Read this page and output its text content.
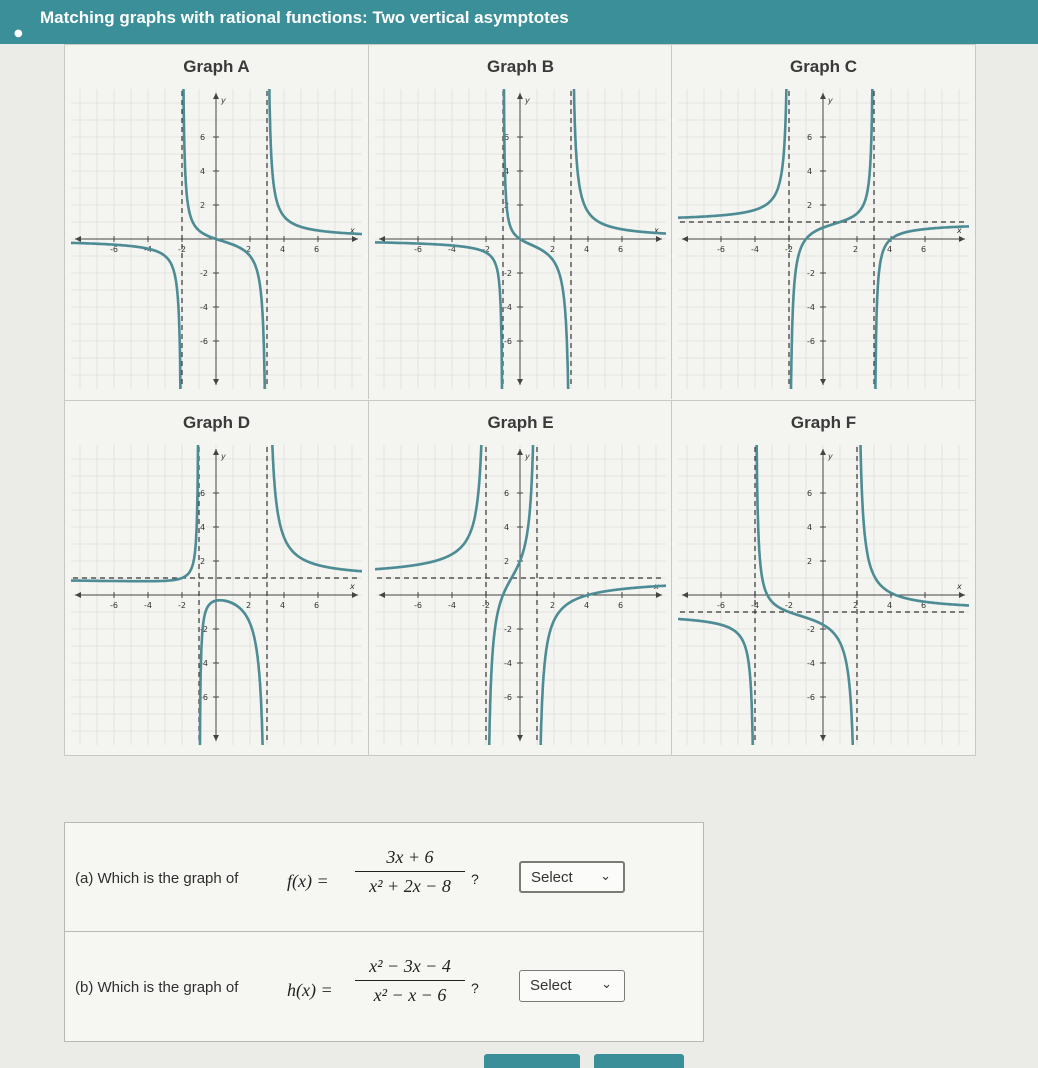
●
Matching graphs with rational functions: Two vertical asymptotes
Graph A
x
y
-6	-4	-2	2	4	6
6
4
2
-2
-4
-6
Graph B
x
y
-6	-4	-2	2	4	6
6
4
2
-2
-4
-6
Graph C
x
y
-6	-4	-2	2	4	6
6
4
2
-2
-4
-6
Graph D
x
y
-6	-4	-2	2	4	6
6
4
2
-2
-4
-6
Graph E
x
y
-6	-4	-2	2	4	6
6
4
2
-2
-4
-6
Graph F
x
y
-6	-4	-2	2	4	6
6
4
2
-2
-4
-6
(a) Which is the graph of	$f(x) = \frac{3x + 6}{\text{x² + 2x − 8}}$ ?	Select ⌄
(b) Which is the graph of	$h(x) = \frac{\text{x² − 3x − 4}}{\text{x² − x − 6}}$ ?	Select ⌄
